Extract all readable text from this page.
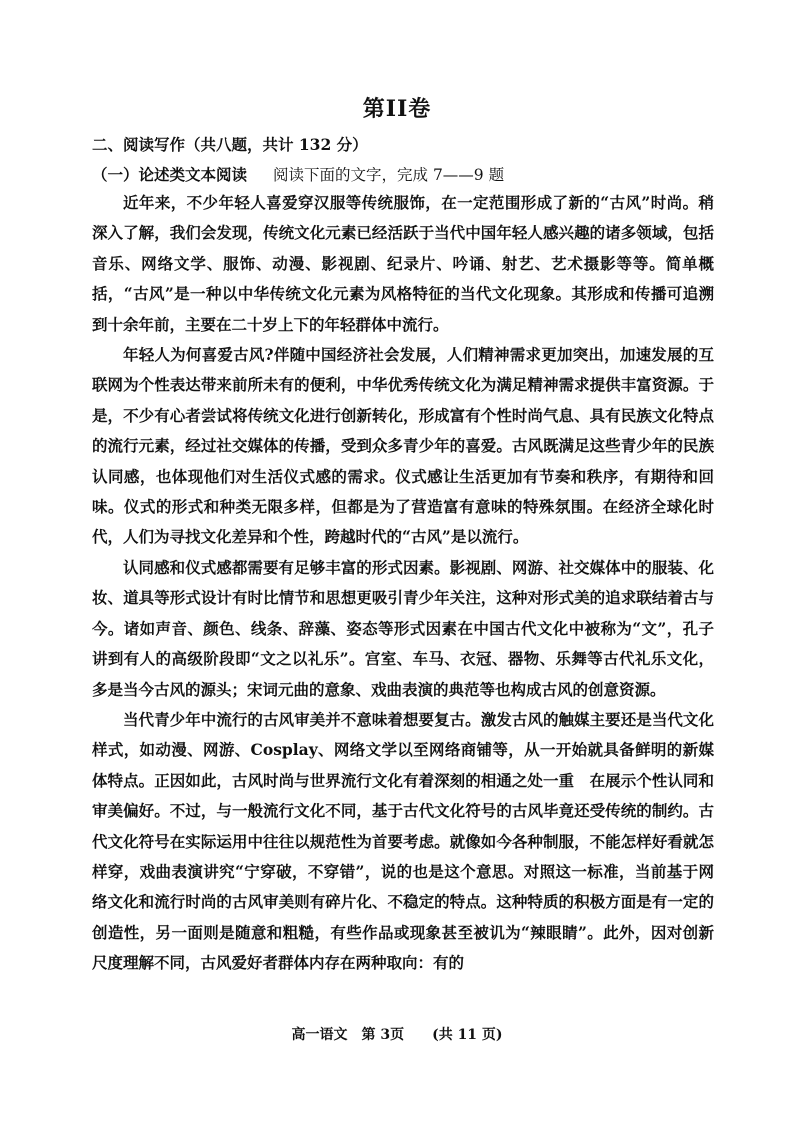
第II卷
二、阅读写作（共八题，共计 132 分）
（一）论述类文本阅读 阅读下面的文字，完成 7——9 题

近年来，不少年轻人喜爱穿汉服等传统服饰，在一定范围形成了新的“古风”时尚。稍深入了解，我们会发现，传统文化元素已经活跃于当代中国年轻人感兴趣的诸多领域，包括音乐、网络文学、服饰、动漫、影视剧、纪录片、吟诵、射艺、艺术摄影等等。简单概括，“古风”是一种以中华传统文化元素为风格特征的当代文化现象。其形成和传播可追溯到十余年前，主要在二十岁上下的年轻群体中流行。

年轻人为何喜爱古风?伴随中国经济社会发展，人们精神需求更加突出，加速发展的互联网为个性表达带来前所未有的便利，中华优秀传统文化为满足精神需求提供丰富资源。于是，不少有心者尝试将传统文化进行创新转化，形成富有个性时尚气息、具有民族文化特点的流行元素，经过社交媒体的传播，受到众多青少年的喜爱。古风既满足这些青少年的民族认同感，也体现他们对生活仪式感的需求。仪式感让生活更加有节奏和秩序，有期待和回味。仪式的形式和种类无限多样，但都是为了营造富有意味的特殊氛围。在经济全球化时代，人们为寻找文化差异和个性，跨越时代的“古风”是以流行。

认同感和仪式感都需要有足够丰富的形式因素。影视剧、网游、社交媒体中的服装、化妆、道具等形式设计有时比情节和思想更吸引青少年关注，这种对形式美的追求联结着古与今。诸如声音、颜色、线条、辞藻、姿态等形式因素在中国古代文化中被称为“文”，孔子讲到有人的高级阶段即“文之以礼乐”。宫室、车马、衣冠、器物、乐舞等古代礼乐文化，多是当今古风的源头；宋词元曲的意象、戏曲表演的典范等也构成古风的创意资源。

当代青少年中流行的古风审美并不意味着想要复古。激发古风的触媒主要还是当代文化样式，如动漫、网游、Cosplay、网络文学以至网络商铺等，从一开始就具备鲜明的新媒体特点。正因如此，古风时尚与世界流行文化有着深刻的相通之处一重　在展示个性认同和审美偏好。不过，与一般流行文化不同，基于古代文化符号的古风毕竟还受传统的制约。古代文化符号在实际运用中往往以规范性为首要考虑。就像如今各种制服，不能怎样好看就怎样穿，戏曲表演讲究“宁穿破，不穿错”，说的也是这个意思。对照这一标准，当前基于网络文化和流行时尚的古风审美则有碎片化、不稳定的特点。这种特质的积极方面是有一定的创造性，另一面则是随意和粗糙，有些作品或现象甚至被讥为“辣眼睛”。此外，因对创新尺度理解不同，古风爱好者群体内存在两种取向：有的

高一语文　第 3页　　(共 11 页)
